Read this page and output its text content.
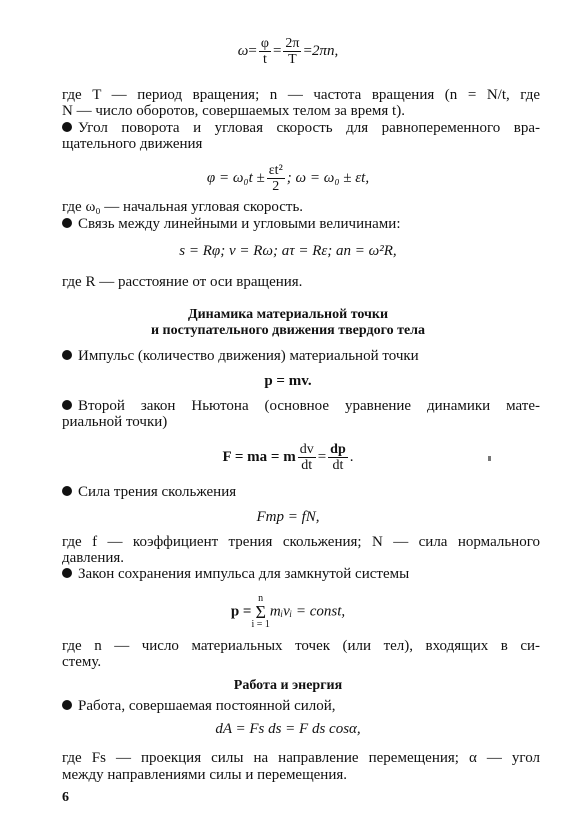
$\omega= \frac{\varphi}{t} = \frac{2\pi}{T} =2\pi n$,
где T — период вращения; n — частота вращения (n = N/t, где
N — число оборотов, совершаемых телом за время t).
Угол поворота и угловая скорость для равнопеременного вра-
щательного движения
$\varphi = \omega_0t \pm \frac{\text{εt²}}{2}$ ; ω = ω₀ ± εt,
где ω₀ — начальная угловая скорость.
Связь между линейными и угловыми величинами:
s = Rφ; v = Rω; aτ = Rε; an = ω²R,
где R — расстояние от оси вращения.
Динамика материальной точки
и поступательного движения твердого тела
Импульс (количество движения) материальной точки
p = mv.
Второй закон Ньютона (основное уравнение динамики мате-
риальной точки)
F = ma = m $\frac{dv}{dt} = \frac{dp}{dt}$ .
Сила трения скольжения
Fтр = fN,
где f — коэффициент трения скольжения; N — сила нормального
давления.
Закон сохранения импульса для замкнутой системы
p =
n
Σ
i = 1
mᵢvᵢ = const,
где n — число материальных точек (или тел), входящих в си-
стему.
Работа и энергия
Работа, совершаемая постоянной силой,
dA = Fs ds = F ds cosα,
где Fs — проекция силы на направление перемещения; α — угол
между направлениями силы и перемещения.
6
